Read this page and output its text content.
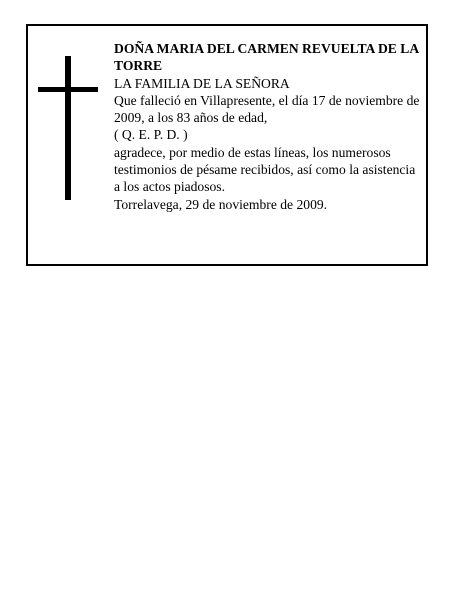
DOÑA MARIA DEL CARMEN REVUELTA DE LA TORRE

LA FAMILIA DE LA SEÑORA

Que falleció en Villapresente, el día 17 de noviembre de 2009, a los 83 años de edad,

( Q. E. P. D. )

agradece, por medio de estas líneas, los numerosos testimonios de pésame recibidos, así como la asistencia a los actos piadosos.

Torrelavega, 29 de noviembre de 2009.
